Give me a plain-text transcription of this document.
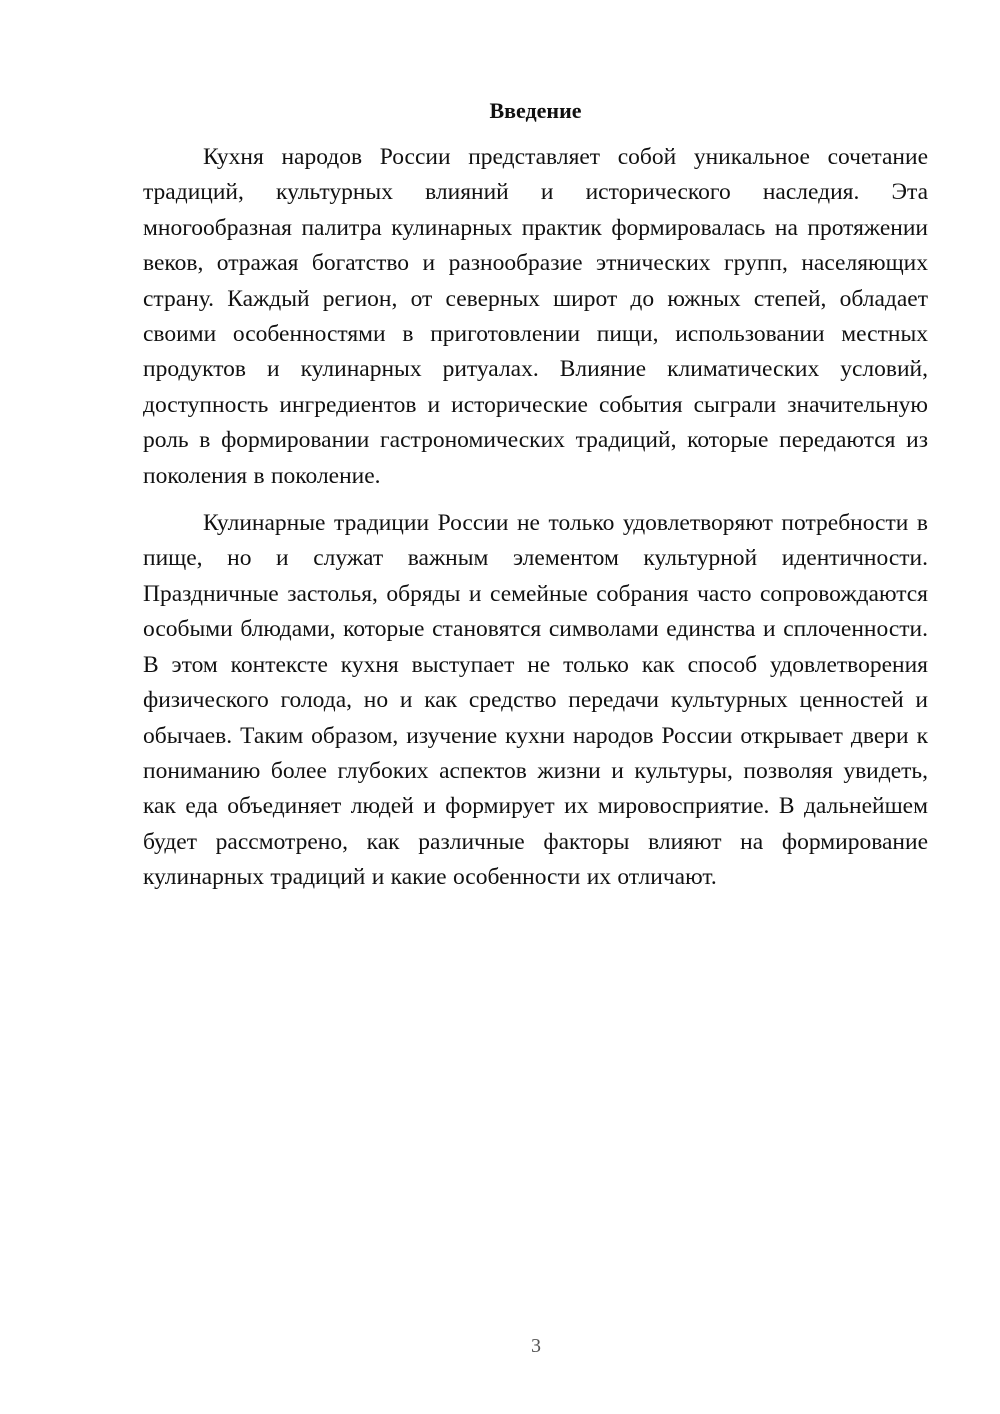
Введение

Кухня народов России представляет собой уникальное сочетание традиций, культурных влияний и исторического наследия. Эта многообразная палитра кулинарных практик формировалась на протяжении веков, отражая богатство и разнообразие этнических групп, населяющих страну. Каждый регион, от северных широт до южных степей, обладает своими особенностями в приготовлении пищи, использовании местных продуктов и кулинарных ритуалах. Влияние климатических условий, доступность ингредиентов и исторические события сыграли значительную роль в формировании гастрономических традиций, которые передаются из поколения в поколение.

Кулинарные традиции России не только удовлетворяют потребности в пище, но и служат важным элементом культурной идентичности. Праздничные застолья, обряды и семейные собрания часто сопровождаются особыми блюдами, которые становятся символами единства и сплоченности. В этом контексте кухня выступает не только как способ удовлетворения физического голода, но и как средство передачи культурных ценностей и обычаев. Таким образом, изучение кухни народов России открывает двери к пониманию более глубоких аспектов жизни и культуры, позволяя увидеть, как еда объединяет людей и формирует их мировосприятие. В дальнейшем будет рассмотрено, как различные факторы влияют на формирование кулинарных традиций и какие особенности их отличают.

3
